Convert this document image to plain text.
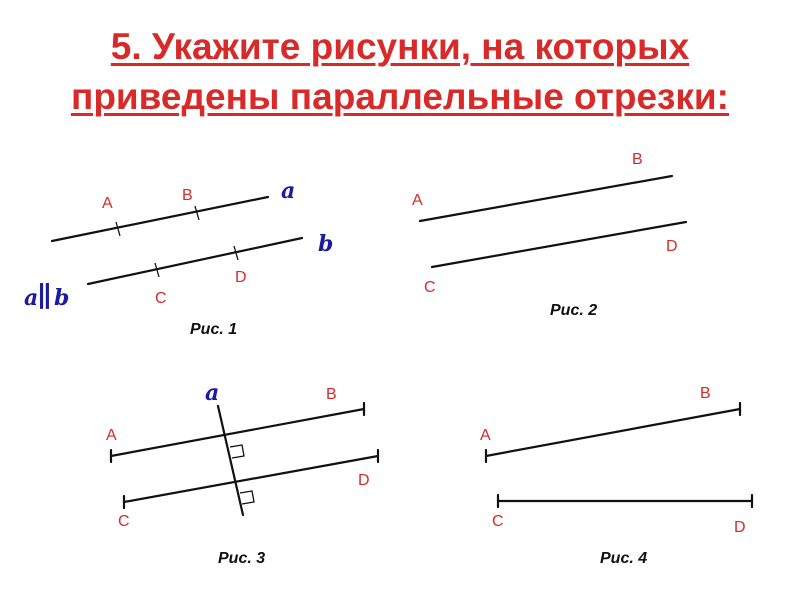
5. Укажите рисунки, на которых
приведены параллельные отрезки:
A	B
C
D
a
b
a
∥ b
Рис. 1
A
B
C
D
Рис. 2
a
A
B
C
D
Рис. 3
A
B
C	D
Рис. 4
